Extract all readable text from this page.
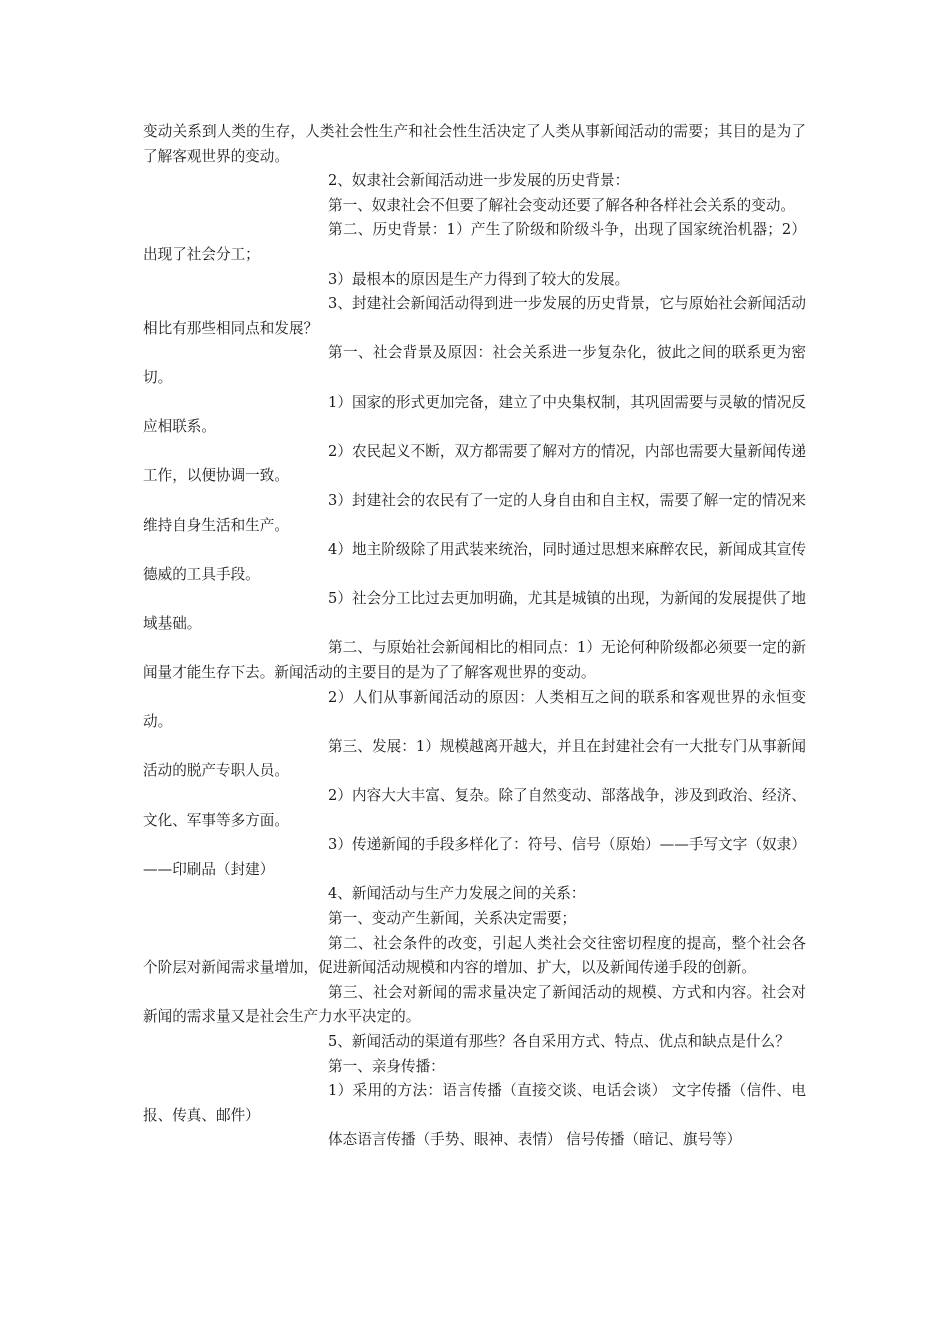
变动关系到人类的生存，人类社会性生产和社会性生活决定了人类从事新闻活动的需要；其目的是为了了解客观世界的变动。

2、奴隶社会新闻活动进一步发展的历史背景：

第一、奴隶社会不但要了解社会变动还要了解各种各样社会关系的变动。

第二、历史背景：1）产生了阶级和阶级斗争，出现了国家统治机器；2）出现了社会分工；

3）最根本的原因是生产力得到了较大的发展。

3、封建社会新闻活动得到进一步发展的历史背景，它与原始社会新闻活动相比有那些相同点和发展？

第一、社会背景及原因：社会关系进一步复杂化，彼此之间的联系更为密切。

1）国家的形式更加完备，建立了中央集权制，其巩固需要与灵敏的情况反应相联系。

2）农民起义不断，双方都需要了解对方的情况，内部也需要大量新闻传递工作，以便协调一致。

3）封建社会的农民有了一定的人身自由和自主权，需要了解一定的情况来维持自身生活和生产。

4）地主阶级除了用武装来统治，同时通过思想来麻醉农民，新闻成其宣传德威的工具手段。

5）社会分工比过去更加明确，尤其是城镇的出现，为新闻的发展提供了地域基础。

第二、与原始社会新闻相比的相同点：1）无论何种阶级都必须要一定的新闻量才能生存下去。新闻活动的主要目的是为了了解客观世界的变动。

2）人们从事新闻活动的原因：人类相互之间的联系和客观世界的永恒变动。

第三、发展：1）规模越离开越大，并且在封建社会有一大批专门从事新闻活动的脱产专职人员。

2）内容大大丰富、复杂。除了自然变动、部落战争，涉及到政治、经济、文化、军事等多方面。

3）传递新闻的手段多样化了：符号、信号（原始）——手写文字（奴隶）——印刷品（封建）

4、新闻活动与生产力发展之间的关系：

第一、变动产生新闻，关系决定需要；

第二、社会条件的改变，引起人类社会交往密切程度的提高，整个社会各个阶层对新闻需求量增加，促进新闻活动规模和内容的增加、扩大，以及新闻传递手段的创新。

第三、社会对新闻的需求量决定了新闻活动的规模、方式和内容。社会对新闻的需求量又是社会生产力水平决定的。

5、新闻活动的渠道有那些？各自采用方式、特点、优点和缺点是什么？

第一、亲身传播：

1）采用的方法：语言传播（直接交谈、电话会谈） 文字传播（信件、电报、传真、邮件）

体态语言传播（手势、眼神、表情） 信号传播（暗记、旗号等）
